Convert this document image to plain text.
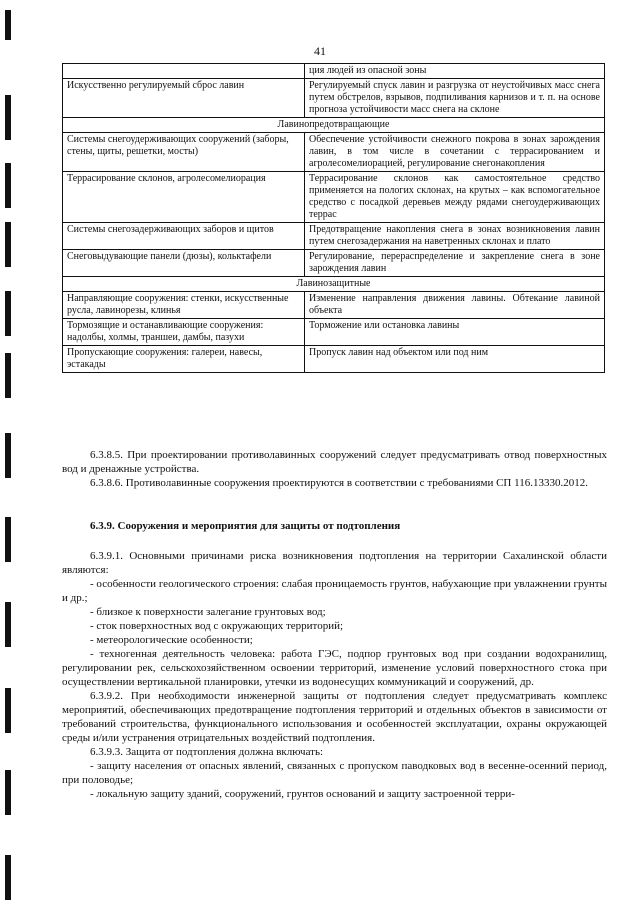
41
	ция людей из опасной зоны
Искусственно регулируемый сброс лавин	Регулируемый спуск лавин и разгрузка от неустойчивых масс снега путем обстрелов, взрывов, подпиливания карнизов и т. п. на основе прогноза устойчивости масс снега на склоне
Лавинопредотвращающие	
Системы снегоудерживающих сооружений (заборы, стены, щиты, решетки, мосты)	Обеспечение устойчивости снежного покрова в зонах зарождения лавин, в том числе в сочетании с террасированием и агролесомелиорацией, регулирование снегонакопления
Террасирование склонов, агролесомелиорация	Террасирование склонов как самостоятельное средство применяется на пологих склонах, на крутых – как вспомогательное средство с посадкой деревьев между рядами снегоудерживающих террас
Системы снегозадерживающих заборов и щитов	Предотвращение накопления снега в зонах возникновения лавин путем снегозадержания на наветренных склонах и плато
Снеговыдувающие панели (дюзы), кольктафели	Регулирование, перераспределение и закрепление снега в зоне зарождения лавин
Лавинозащитные	
Направляющие сооружения: стенки, искусственные русла, лавинорезы, клинья	Изменение направления движения лавины. Обтекание лавиной объекта
Тормозящие и останавливающие сооружения: надолбы, холмы, траншеи, дамбы, пазухи	Торможение или остановка лавины
Пропускающие сооружения: галереи, навесы, эстакады	Пропуск лавин над объектом или под ним

6.3.8.5. При проектировании противолавинных сооружений следует предусматривать отвод поверхностных вод и дренажные устройства.

6.3.8.6. Противолавинные сооружения проектируются в соответствии с требованиями СП 116.13330.2012.

6.3.9. Сооружения и мероприятия для защиты от подтопления

6.3.9.1. Основными причинами риска возникновения подтопления на территории Сахалинской области являются:

- особенности геологического строения: слабая проницаемость грунтов, набухающие при увлажнении грунты и др.;

- близкое к поверхности залегание грунтовых вод;

- сток поверхностных вод с окружающих территорий;

- метеорологические особенности;

- техногенная деятельность человека: работа ГЭС, подпор грунтовых вод при создании водохранилищ, регулировании рек, сельскохозяйственном освоении территорий, изменение условий поверхностного стока при осуществлении вертикальной планировки, утечки из водонесущих коммуникаций и сооружений, др.

6.3.9.2. При необходимости инженерной защиты от подтопления следует предусматривать комплекс мероприятий, обеспечивающих предотвращение подтопления территорий и отдельных объектов в зависимости от требований строительства, функционального использования и особенностей эксплуатации, охраны окружающей среды и/или устранения отрицательных воздействий подтопления.

6.3.9.3. Защита от подтопления должна включать:

- защиту населения от опасных явлений, связанных с пропуском паводковых вод в весенне-осенний период, при половодье;

- локальную защиту зданий, сооружений, грунтов оснований и защиту застроенной терри-
